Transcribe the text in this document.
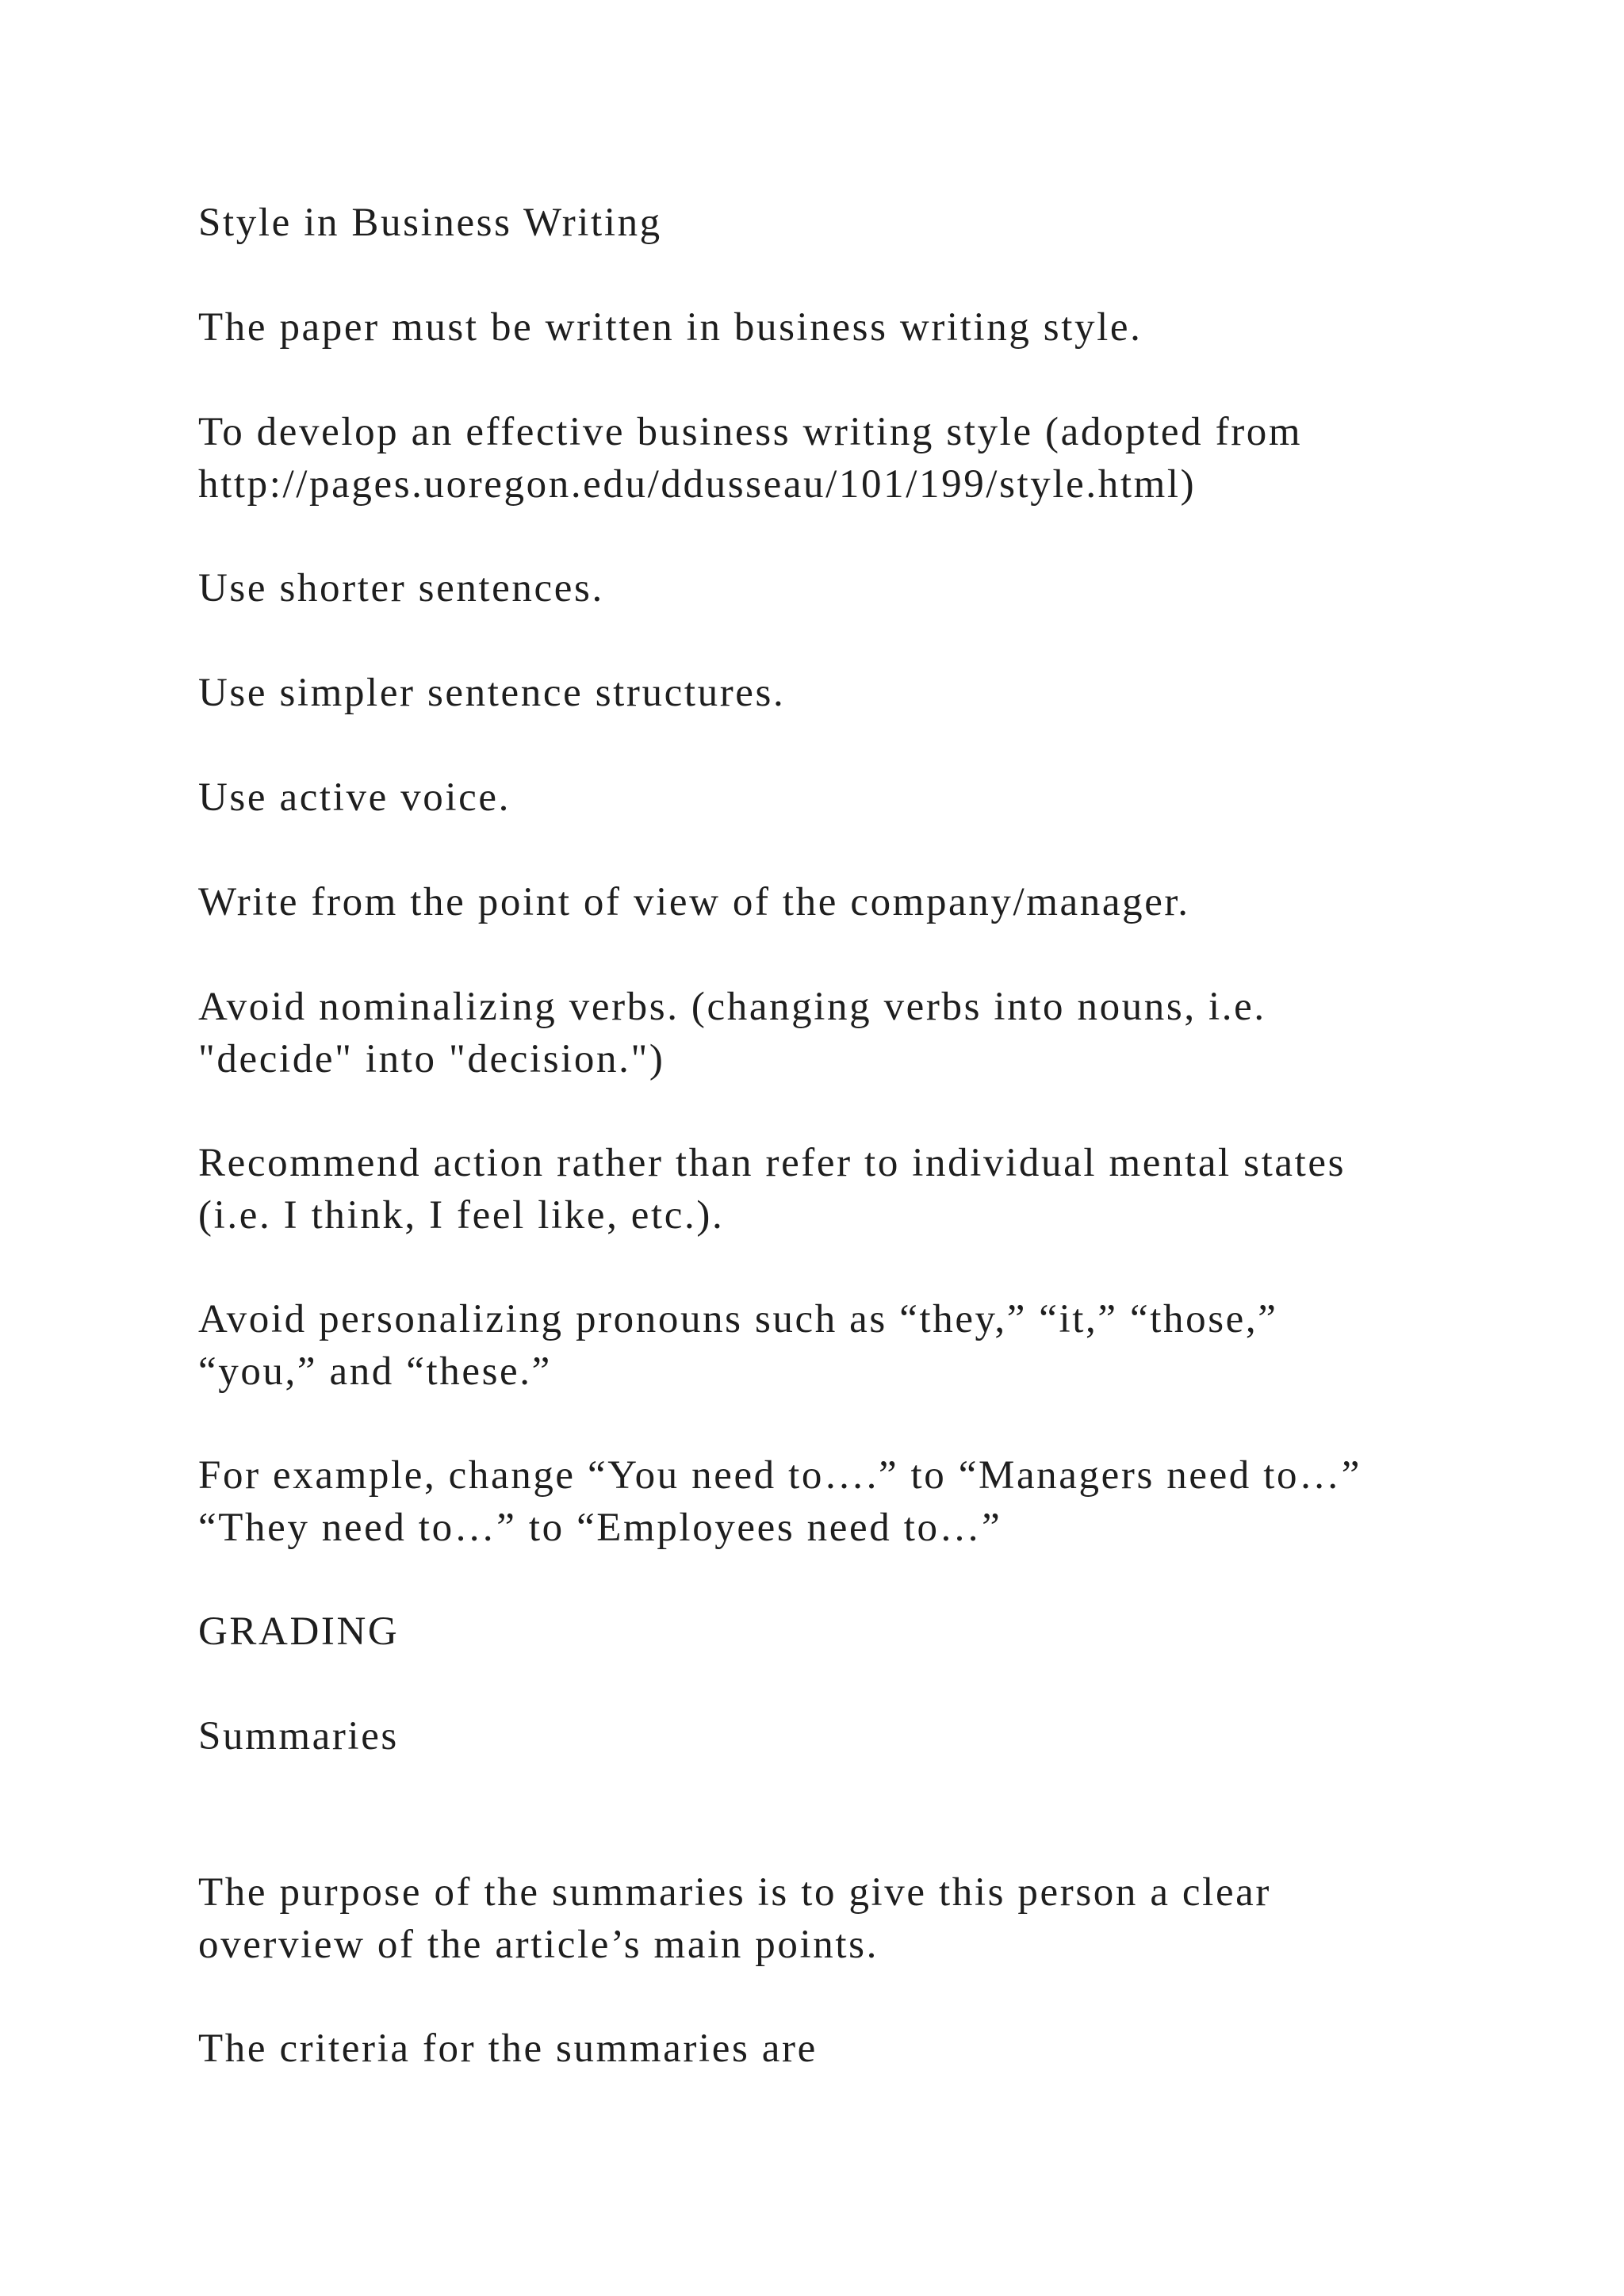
Style in Business Writing

The paper must be written in business writing style.

To develop an effective business writing style (adopted from
http://pages.uoregon.edu/ddusseau/101/199/style.html)

Use shorter sentences.

Use simpler sentence structures.

Use active voice.

Write from the point of view of the company/manager.

Avoid nominalizing verbs. (changing verbs into nouns, i.e.
"decide" into "decision.")

Recommend action rather than refer to individual mental states
(i.e. I think, I feel like, etc.).

Avoid personalizing pronouns such as “they,” “it,” “those,”
“you,” and “these.”

For example, change “You need to….” to “Managers need to…”
“They need to…” to “Employees need to…”

GRADING

Summaries

The purpose of the summaries is to give this person a clear
overview of the article’s main points.

The criteria for the summaries are
